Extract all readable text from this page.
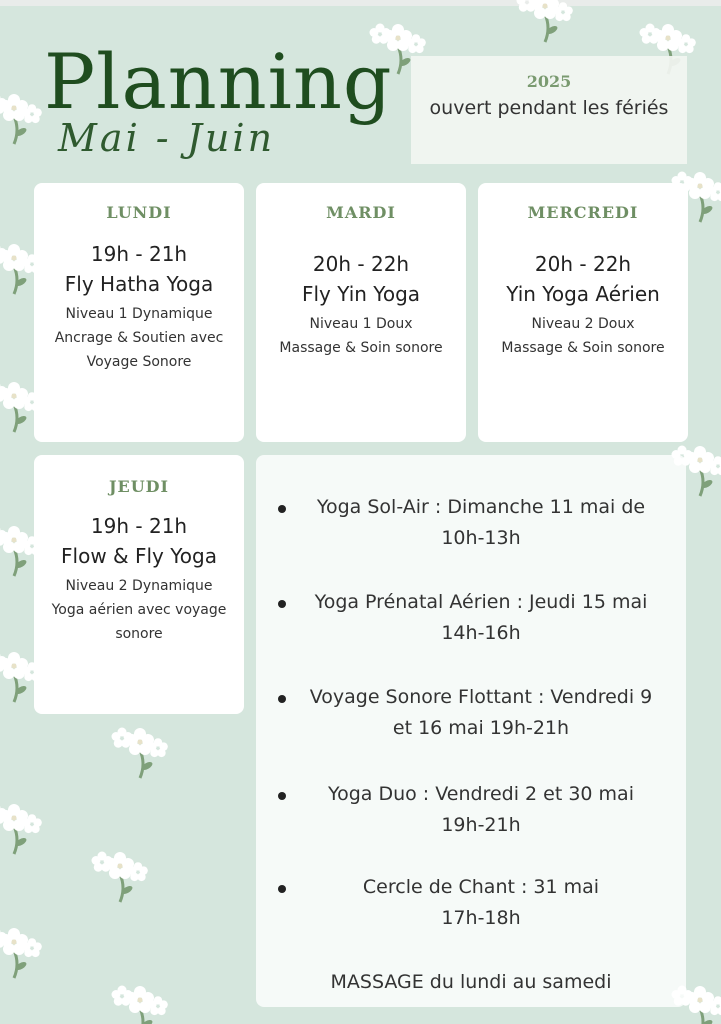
Planning
Mai - Juin
2025
ouvert pendant les fériés
LUNDI
19h - 21h
Fly Hatha Yoga
Niveau 1 Dynamique
Ancrage & Soutien avec
Voyage Sonore
MARDI
20h - 22h
Fly Yin Yoga
Niveau 1 Doux
Massage & Soin sonore
MERCREDI
20h - 22h
Yin Yoga Aérien
Niveau 2 Doux
Massage & Soin sonore
JEUDI
19h - 21h
Flow & Fly Yoga
Niveau 2 Dynamique
Yoga aérien avec voyage
sonore
Yoga Sol-Air : Dimanche 11 mai de
10h-13h
Yoga Prénatal Aérien : Jeudi 15 mai
14h-16h
Voyage Sonore Flottant : Vendredi 9
et 16 mai 19h-21h
Yoga Duo : Vendredi 2 et 30 mai
19h-21h
Cercle de Chant : 31 mai
17h-18h
MASSAGE du lundi au samedi
